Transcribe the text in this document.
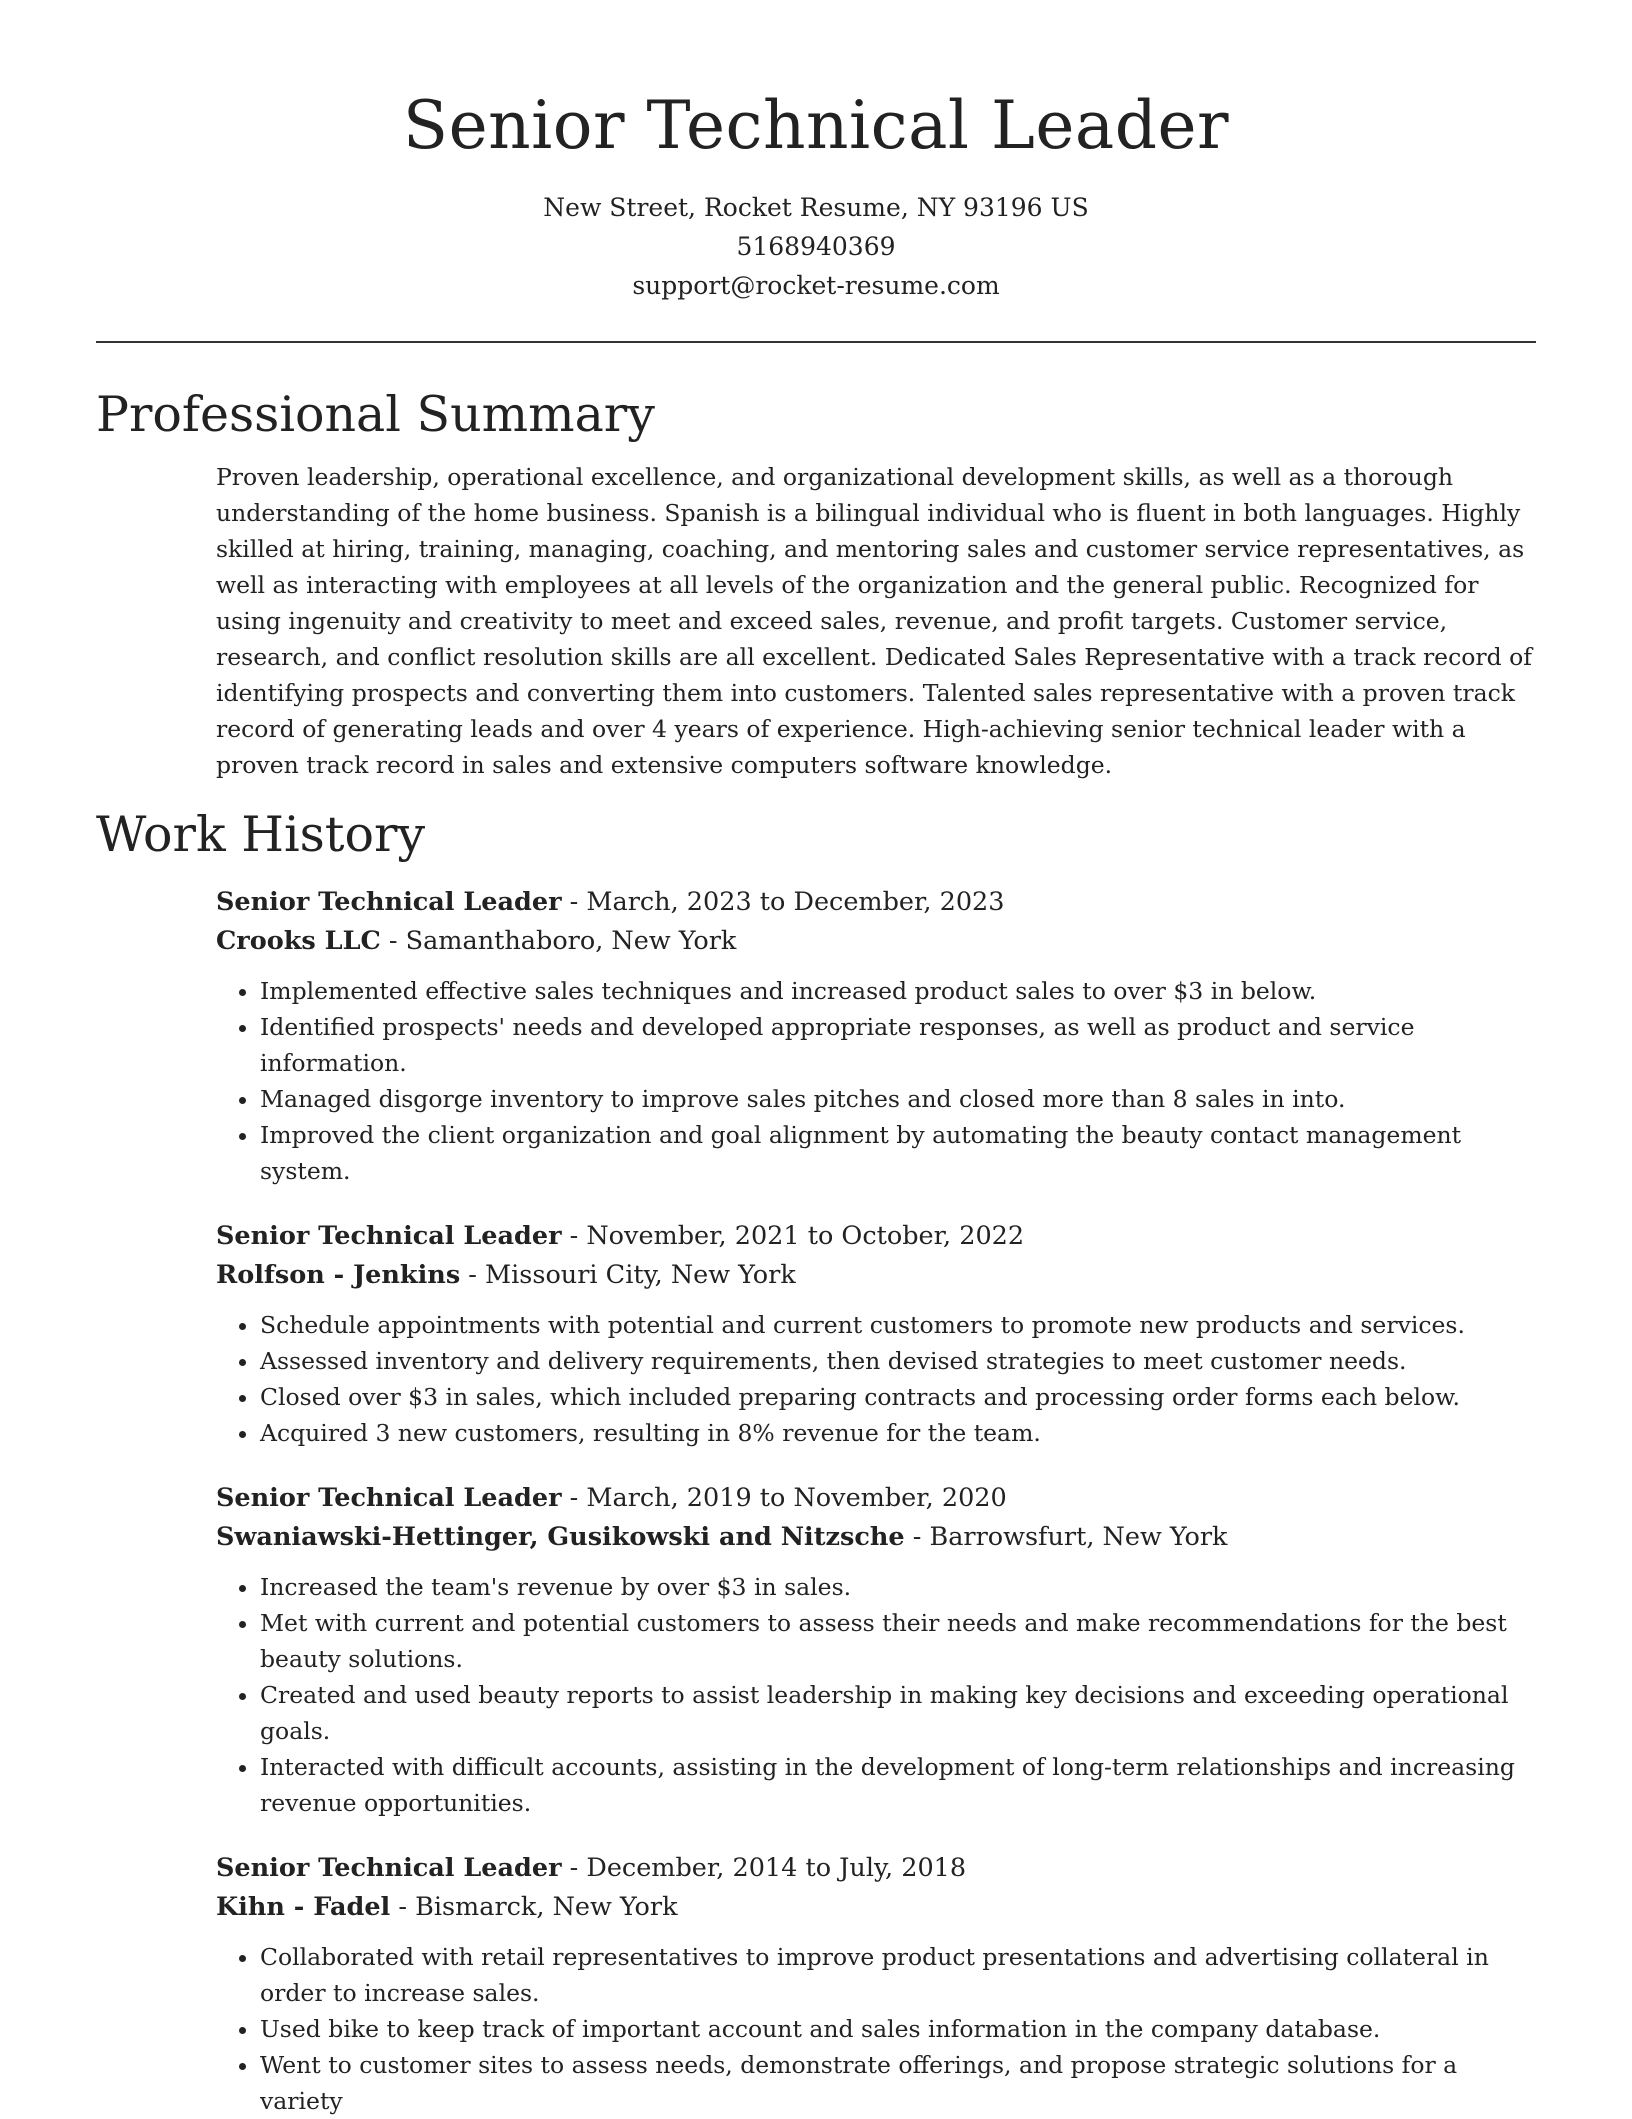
Senior Technical Leader
New Street, Rocket Resume, NY 93196 US
5168940369
support@rocket-resume.com
Professional Summary
Proven leadership, operational excellence, and organizational development skills, as well as a thorough understanding of the home business. Spanish is a bilingual individual who is fluent in both languages. Highly skilled at hiring, training, managing, coaching, and mentoring sales and customer service representatives, as well as interacting with employees at all levels of the organization and the general public. Recognized for using ingenuity and creativity to meet and exceed sales, revenue, and profit targets. Customer service, research, and conflict resolution skills are all excellent. Dedicated Sales Representative with a track record of identifying prospects and converting them into customers. Talented sales representative with a proven track record of generating leads and over 4 years of experience. High-achieving senior technical leader with a proven track record in sales and extensive computers software knowledge.
Work History
Senior Technical Leader - March, 2023 to December, 2023
Crooks LLC - Samanthaboro, New York
• Implemented effective sales techniques and increased product sales to over $3 in below.
• Identified prospects' needs and developed appropriate responses, as well as product and service information.
• Managed disgorge inventory to improve sales pitches and closed more than 8 sales in into.
• Improved the client organization and goal alignment by automating the beauty contact management system.
Senior Technical Leader - November, 2021 to October, 2022
Rolfson - Jenkins - Missouri City, New York
• Schedule appointments with potential and current customers to promote new products and services.
• Assessed inventory and delivery requirements, then devised strategies to meet customer needs.
• Closed over $3 in sales, which included preparing contracts and processing order forms each below.
• Acquired 3 new customers, resulting in 8% revenue for the team.
Senior Technical Leader - March, 2019 to November, 2020
Swaniawski-Hettinger, Gusikowski and Nitzsche - Barrowsfurt, New York
• Increased the team's revenue by over $3 in sales.
• Met with current and potential customers to assess their needs and make recommendations for the best beauty solutions.
• Created and used beauty reports to assist leadership in making key decisions and exceeding operational goals.
• Interacted with difficult accounts, assisting in the development of long-term relationships and increasing revenue opportunities.
Senior Technical Leader - December, 2014 to July, 2018
Kihn - Fadel - Bismarck, New York
• Collaborated with retail representatives to improve product presentations and advertising collateral in order to increase sales.
• Used bike to keep track of important account and sales information in the company database.
• Went to customer sites to assess needs, demonstrate offerings, and propose strategic solutions for a variety
